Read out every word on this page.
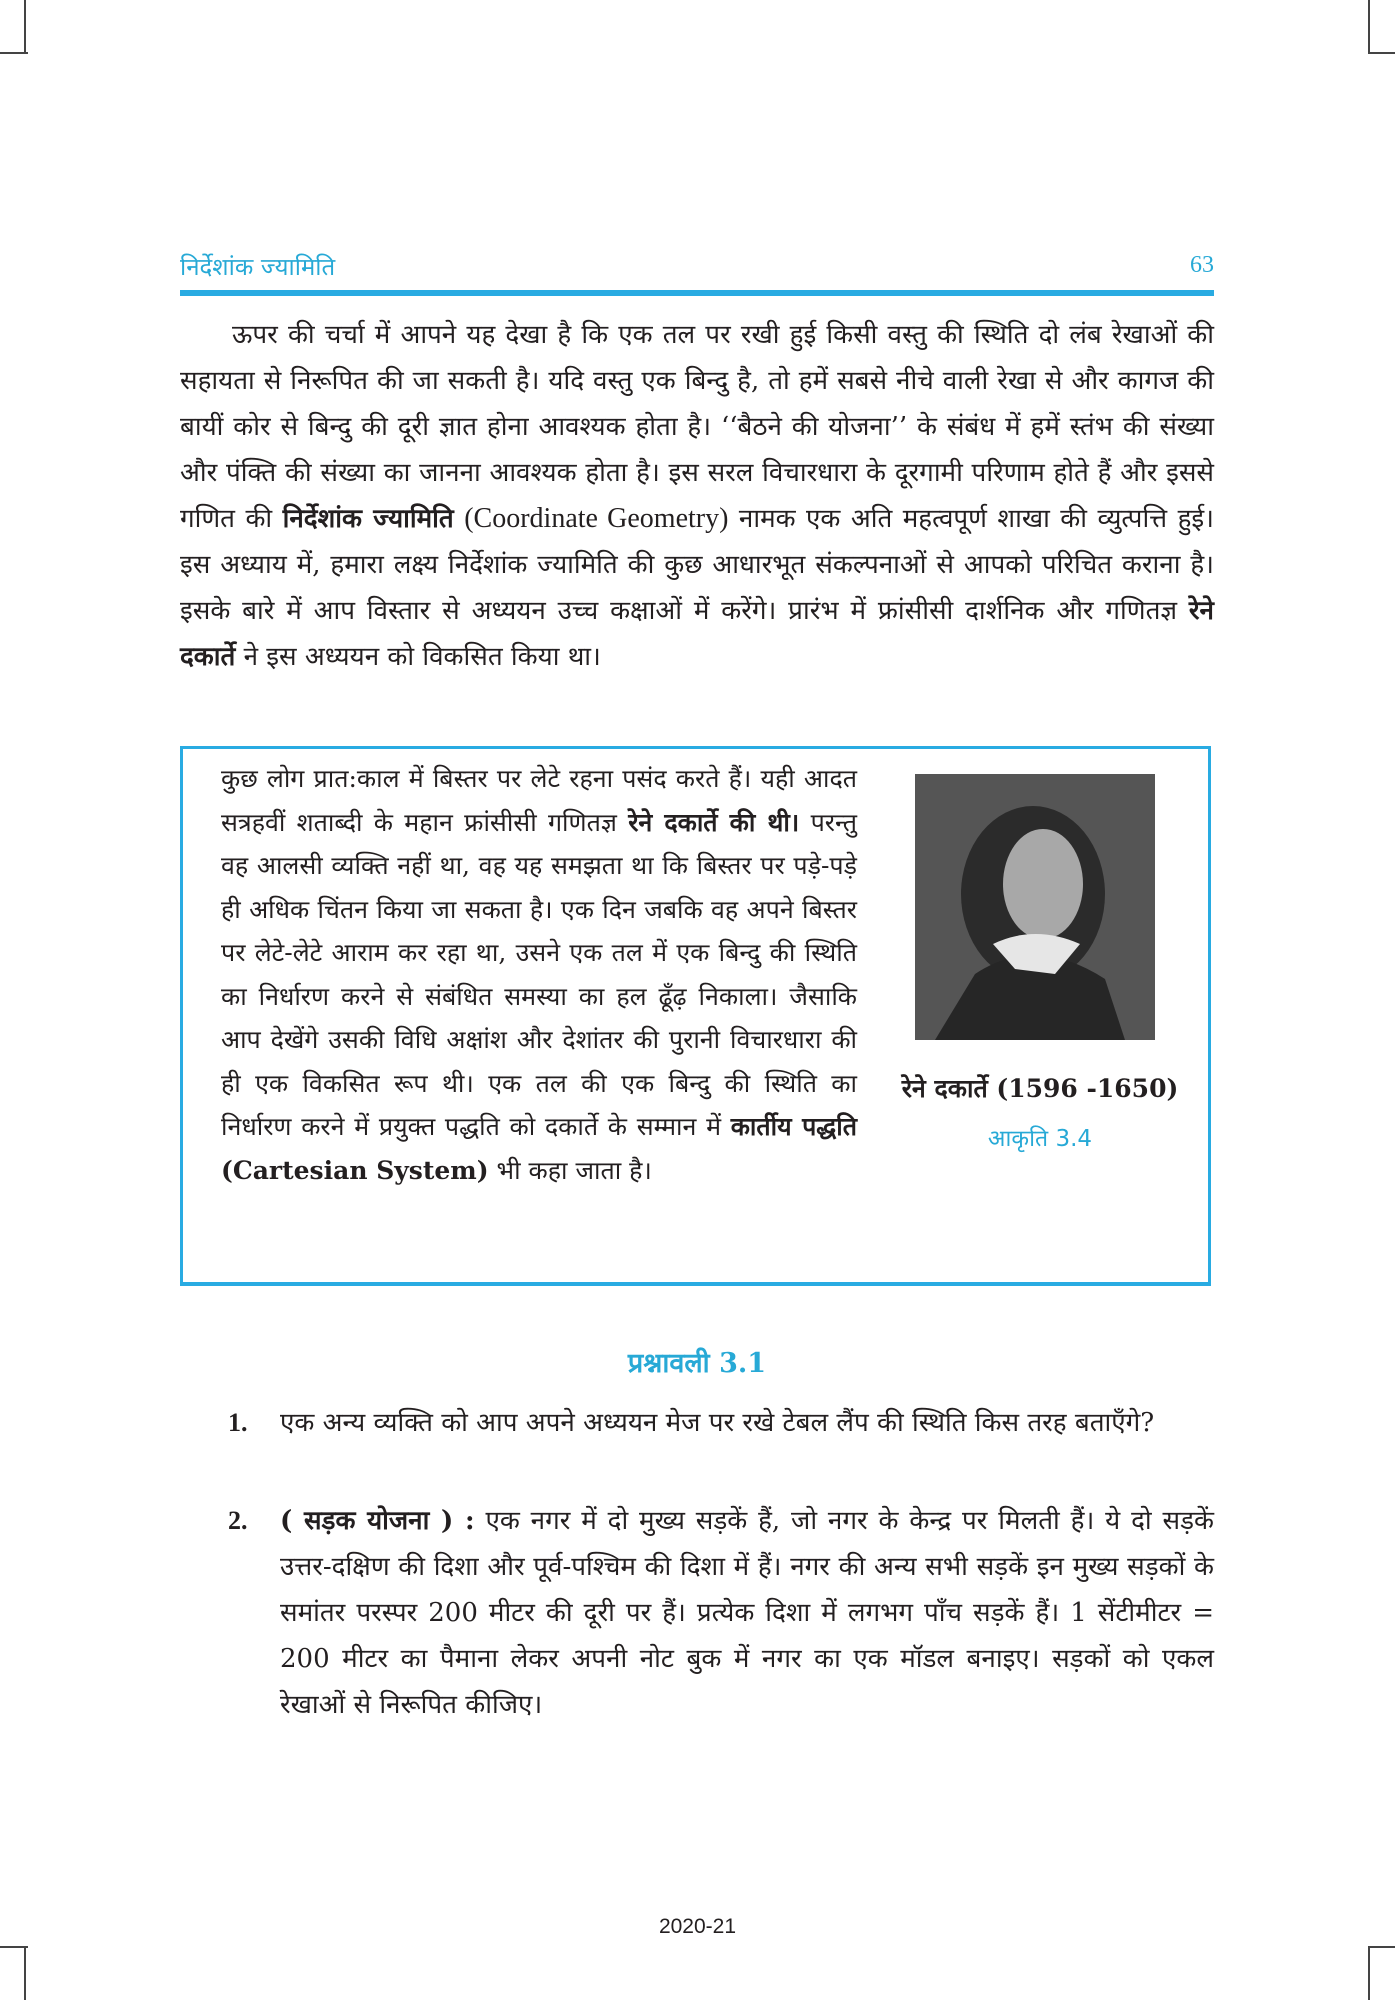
निर्देशांक ज्यामिति	63

ऊपर की चर्चा में आपने यह देखा है कि एक तल पर रखी हुई किसी वस्तु की स्थिति दो लंब रेखाओं की सहायता से निरूपित की जा सकती है। यदि वस्तु एक बिन्दु है, तो हमें सबसे नीचे वाली रेखा से और कागज की बायीं कोर से बिन्दु की दूरी ज्ञात होना आवश्यक होता है। ‘‘बैठने की योजना’’ के संबंध में हमें स्तंभ की संख्या और पंक्ति की संख्या का जानना आवश्यक होता है। इस सरल विचारधारा के दूरगामी परिणाम होते हैं और इससे गणित की निर्देशांक ज्यामिति (Coordinate Geometry) नामक एक अति महत्वपूर्ण शाखा की व्युत्पत्ति हुई। इस अध्याय में, हमारा लक्ष्य निर्देशांक ज्यामिति की कुछ आधारभूत संकल्पनाओं से आपको परिचित कराना है। इसके बारे में आप विस्तार से अध्ययन उच्च कक्षाओं में करेंगे। प्रारंभ में फ्रांसीसी दार्शनिक और गणितज्ञ रेने दकार्ते ने इस अध्ययन को विकसित किया था।

कुछ लोग प्रात:काल में बिस्तर पर लेटे रहना पसंद करते हैं। यही आदत सत्रहवीं शताब्दी के महान फ्रांसीसी गणितज्ञ रेने दकार्ते की थी। परन्तु वह आलसी व्यक्ति नहीं था, वह यह समझता था कि बिस्तर पर पड़े-पड़े ही अधिक चिंतन किया जा सकता है। एक दिन जबकि वह अपने बिस्तर पर लेटे-लेटे आराम कर रहा था, उसने एक तल में एक बिन्दु की स्थिति का निर्धारण करने से संबंधित समस्या का हल ढूँढ़ निकाला। जैसाकि आप देखेंगे उसकी विधि अक्षांश और देशांतर की पुरानी विचारधारा की ही एक विकसित रूप थी। एक तल की एक बिन्दु की स्थिति का निर्धारण करने में प्रयुक्त पद्धति को दकार्ते के सम्मान में कार्तीय पद्धति (Cartesian System) भी कहा जाता है।

रेने दकार्ते (1596 -1650)
आकृति 3.4
प्रश्नावली 3.1
1. एक अन्य व्यक्ति को आप अपने अध्ययन मेज पर रखे टेबल लैंप की स्थिति किस तरह बताएँगे?
2. ( सड़क योजना ) : एक नगर में दो मुख्य सड़कें हैं, जो नगर के केन्द्र पर मिलती हैं। ये दो सड़कें उत्तर-दक्षिण की दिशा और पूर्व-पश्चिम की दिशा में हैं। नगर की अन्य सभी सड़कें इन मुख्य सड़कों के समांतर परस्पर 200 मीटर की दूरी पर हैं। प्रत्येक दिशा में लगभग पाँच सड़कें हैं। 1 सेंटीमीटर = 200 मीटर का पैमाना लेकर अपनी नोट बुक में नगर का एक मॉडल बनाइए। सड़कों को एकल रेखाओं से निरूपित कीजिए।
2020-21
